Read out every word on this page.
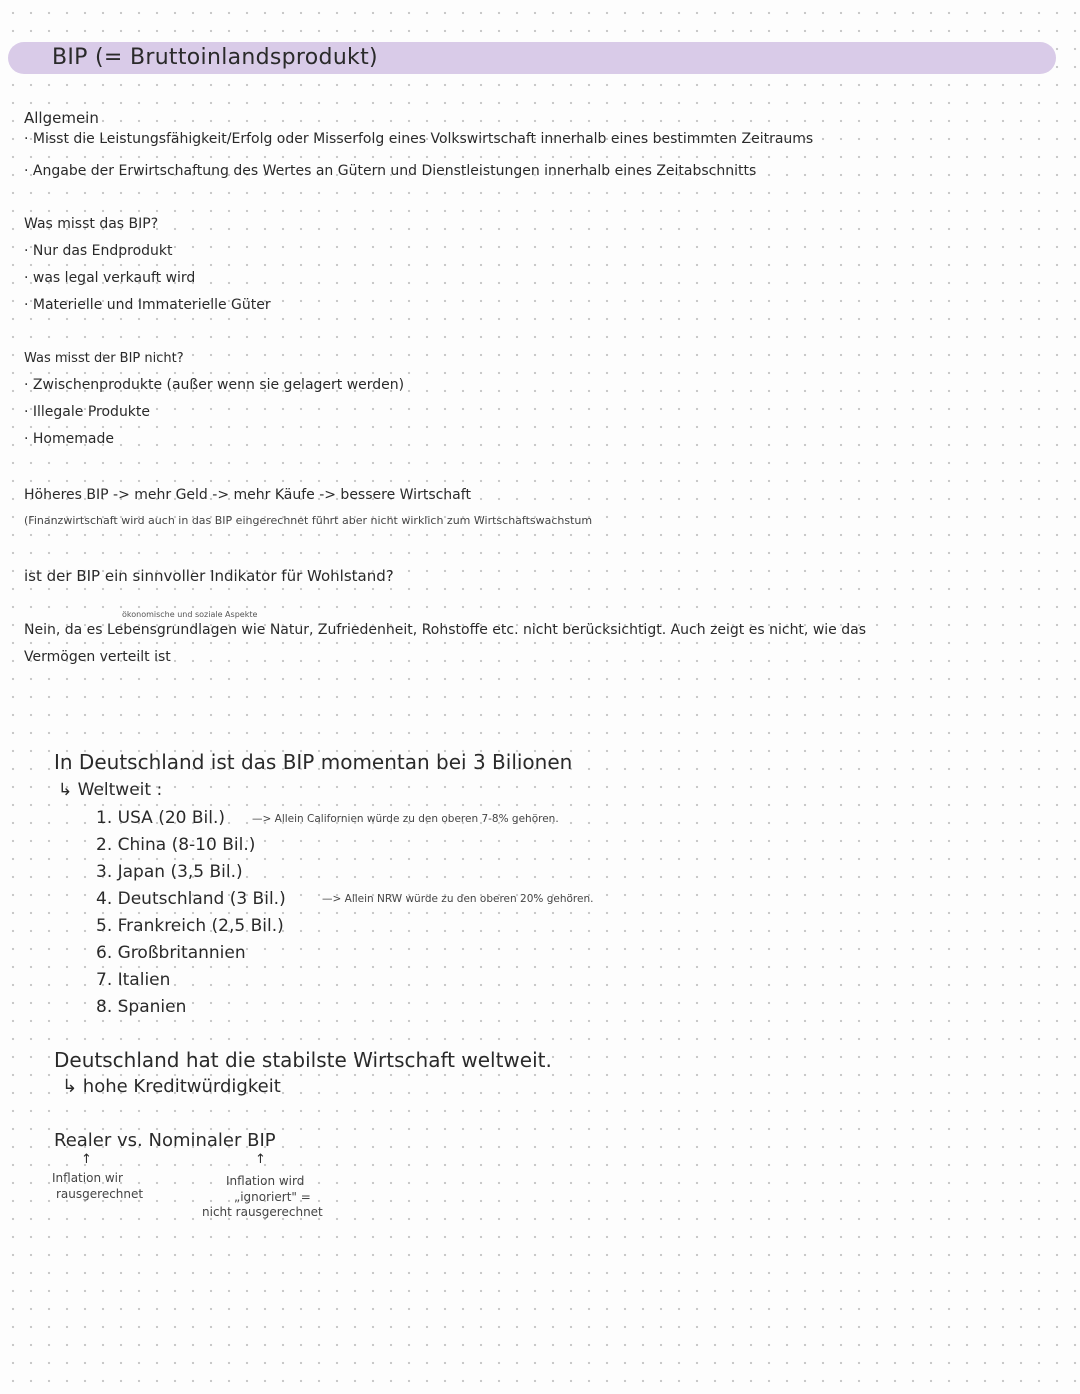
BIP (= Bruttoinlandsprodukt)
Allgemein
· Misst die Leistungsfähigkeit/Erfolg oder Misserfolg eines Volkswirtschaft innerhalb eines bestimmten Zeitraums
· Angabe der Erwirtschaftung des Wertes an Gütern und Dienstleistungen innerhalb eines Zeitabschnitts
Was misst das BIP?
· Nur das Endprodukt
· was legal verkauft wird
· Materielle und Immaterielle Güter
Was misst der BIP nicht?
· Zwischenprodukte (außer wenn sie gelagert werden)
· Illegale Produkte
· Homemade
Höheres BIP -> mehr Geld -> mehr Käufe -> bessere Wirtschaft
(Finanzwirtschaft wird auch in das BIP eingerechnet führt aber nicht wirklich zum Wirtschaftswachstum
ist der BIP ein sinnvoller Indikator für Wohlstand?
ökonomische und soziale Aspekte
Nein, da es Lebensgrundlagen wie Natur, Zufriedenheit, Rohstoffe etc. nicht berücksichtigt. Auch zeigt es nicht, wie das
Vermögen verteilt ist
In Deutschland ist das BIP momentan bei 3 Bilionen
↳ Weltweit :
1. USA (20 Bil.)	—> Allein Californien würde zu den oberen 7-8% gehören.
2. China (8-10 Bil.)
3. Japan (3,5 Bil.)
4. Deutschland (3 Bil.)	—> Allein NRW würde zu den oberen 20% gehören.
5. Frankreich (2,5 Bil.)
6. Großbritannien
7. Italien
8. Spanien
Deutschland hat die stabilste Wirtschaft weltweit.
↳ hohe Kreditwürdigkeit
Realer vs. Nominaler BIP
↑	↑
Inflation wir
rausgerechnet
Inflation wird
„ignoriert" =
nicht rausgerechnet
